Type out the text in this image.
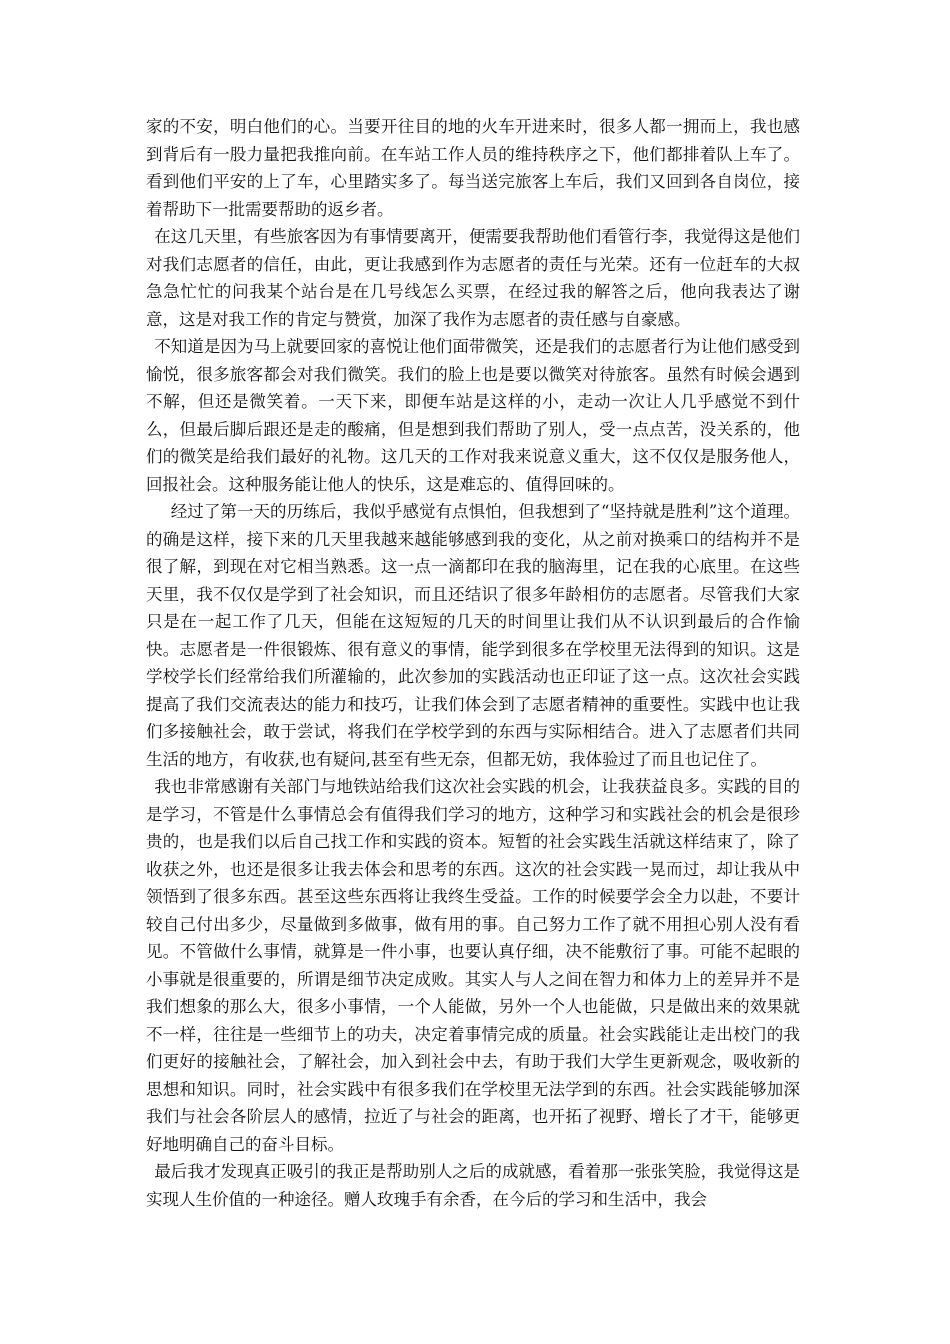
家的不安，明白他们的心。当要开往目的地的火车开进来时，很多人都一拥而上，我也感到背后有一股力量把我推向前。在车站工作人员的维持秩序之下，他们都排着队上车了。看到他们平安的上了车，心里踏实多了。每当送完旅客上车后，我们又回到各自岗位，接着帮助下一批需要帮助的返乡者。

在这几天里，有些旅客因为有事情要离开，便需要我帮助他们看管行李，我觉得这是他们对我们志愿者的信任，由此，更让我感到作为志愿者的责任与光荣。还有一位赶车的大叔急急忙忙的问我某个站台是在几号线怎么买票，在经过我的解答之后，他向我表达了谢意，这是对我工作的肯定与赞赏，加深了我作为志愿者的责任感与自豪感。

不知道是因为马上就要回家的喜悦让他们面带微笑，还是我们的志愿者行为让他们感受到愉悦，很多旅客都会对我们微笑。我们的脸上也是要以微笑对待旅客。虽然有时候会遇到不解，但还是微笑着。一天下来，即便车站是这样的小，走动一次让人几乎感觉不到什么，但最后脚后跟还是走的酸痛，但是想到我们帮助了别人，受一点点苦，没关系的，他们的微笑是给我们最好的礼物。这几天的工作对我来说意义重大，这不仅仅是服务他人，回报社会。这种服务能让他人的快乐，这是难忘的、值得回味的。

经过了第一天的历练后，我似乎感觉有点惧怕，但我想到了“坚持就是胜利”这个道理。的确是这样，接下来的几天里我越来越能够感到我的变化，从之前对换乘口的结构并不是很了解，到现在对它相当熟悉。这一点一滴都印在我的脑海里，记在我的心底里。在这些天里，我不仅仅是学到了社会知识，而且还结识了很多年龄相仿的志愿者。尽管我们大家只是在一起工作了几天，但能在这短短的几天的时间里让我们从不认识到最后的合作愉快。志愿者是一件很锻炼、很有意义的事情，能学到很多在学校里无法得到的知识。这是学校学长们经常给我们所灌输的，此次参加的实践活动也正印证了这一点。这次社会实践提高了我们交流表达的能力和技巧，让我们体会到了志愿者精神的重要性。实践中也让我们多接触社会，敢于尝试，将我们在学校学到的东西与实际相结合。进入了志愿者们共同生活的地方，有收获,也有疑问,甚至有些无奈，但都无妨，我体验过了而且也记住了。

我也非常感谢有关部门与地铁站给我们这次社会实践的机会，让我获益良多。实践的目的是学习，不管是什么事情总会有值得我们学习的地方，这种学习和实践社会的机会是很珍贵的，也是我们以后自己找工作和实践的资本。短暂的社会实践生活就这样结束了，除了收获之外，也还是很多让我去体会和思考的东西。这次的社会实践一晃而过，却让我从中领悟到了很多东西。甚至这些东西将让我终生受益。工作的时候要学会全力以赴，不要计较自己付出多少，尽量做到多做事，做有用的事。自己努力工作了就不用担心别人没有看见。不管做什么事情，就算是一件小事，也要认真仔细，决不能敷衍了事。可能不起眼的小事就是很重要的，所谓是细节决定成败。其实人与人之间在智力和体力上的差异并不是我们想象的那么大，很多小事情，一个人能做，另外一个人也能做，只是做出来的效果就不一样，往往是一些细节上的功夫，决定着事情完成的质量。社会实践能让走出校门的我们更好的接触社会，了解社会，加入到社会中去，有助于我们大学生更新观念，吸收新的思想和知识。同时，社会实践中有很多我们在学校里无法学到的东西。社会实践能够加深我们与社会各阶层人的感情，拉近了与社会的距离，也开拓了视野、增长了才干，能够更好地明确自己的奋斗目标。

最后我才发现真正吸引的我正是帮助别人之后的成就感，看着那一张张笑脸，我觉得这是实现人生价值的一种途径。赠人玫瑰手有余香，在今后的学习和生活中，我会
